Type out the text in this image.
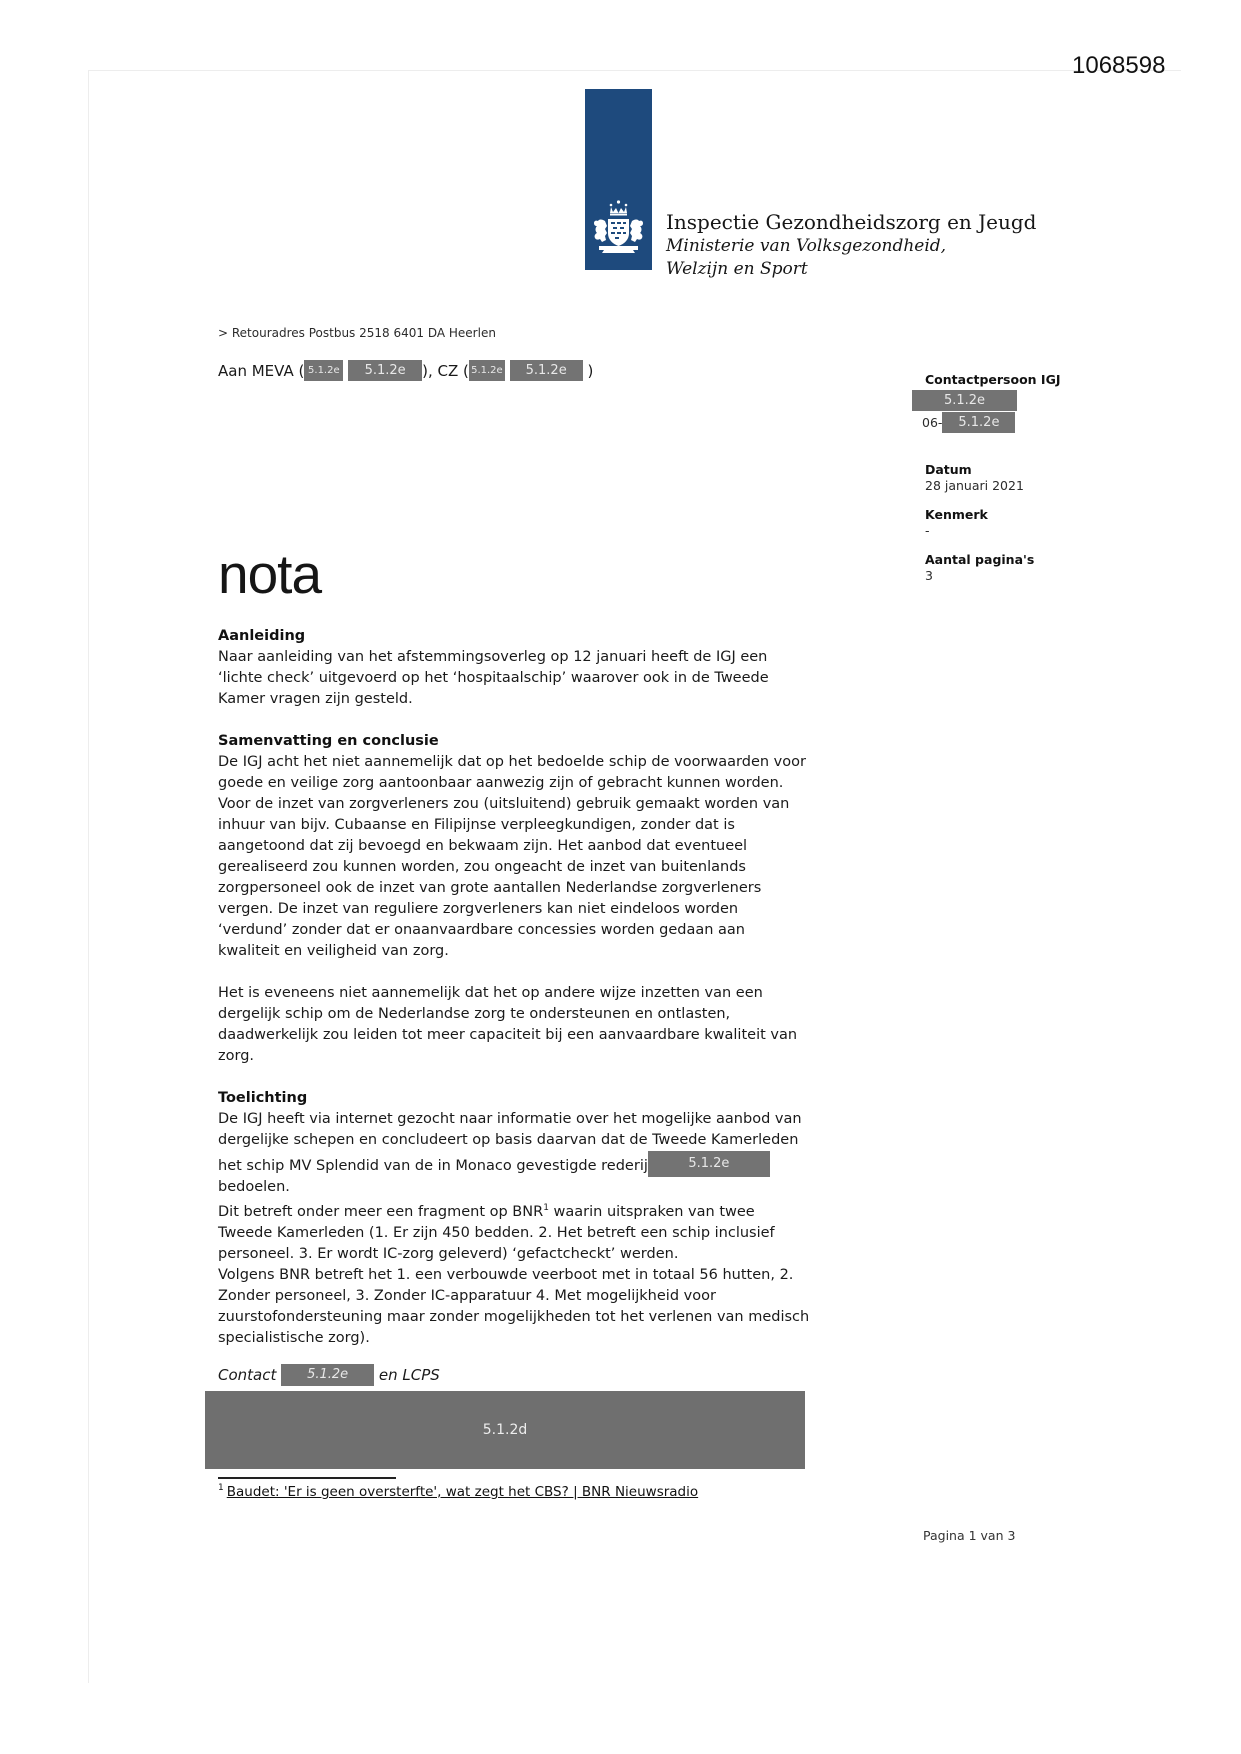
1068598
Inspectie Gezondheidszorg en Jeugd
Ministerie van Volksgezondheid,
Welzijn en Sport
> Retouradres Postbus 2518 6401 DA Heerlen
Aan MEVA ( 5.1.2e 5.1.2e ), CZ ( 5.1.2e 5.1.2e )	Contactpersoon IGJ
5.1.2e
06- 5.1.2e
Datum
28 januari 2021
Kenmerk
-
Aantal pagina's
3
nota
Aanleiding

Naar aanleiding van het afstemmingsoverleg op 12 januari heeft de IGJ een ‘lichte check’ uitgevoerd op het ‘hospitaalschip’ waarover ook in de Tweede Kamer vragen zijn gesteld.

Samenvatting en conclusie

De IGJ acht het niet aannemelijk dat op het bedoelde schip de voorwaarden voor goede en veilige zorg aantoonbaar aanwezig zijn of gebracht kunnen worden. Voor de inzet van zorgverleners zou (uitsluitend) gebruik gemaakt worden van inhuur van bijv. Cubaanse en Filipijnse verpleegkundigen, zonder dat is aangetoond dat zij bevoegd en bekwaam zijn. Het aanbod dat eventueel gerealiseerd zou kunnen worden, zou ongeacht de inzet van buitenlands zorgpersoneel ook de inzet van grote aantallen Nederlandse zorgverleners vergen. De inzet van reguliere zorgverleners kan niet eindeloos worden ‘verdund’ zonder dat er onaanvaardbare concessies worden gedaan aan kwaliteit en veiligheid van zorg.

Het is eveneens niet aannemelijk dat het op andere wijze inzetten van een dergelijk schip om de Nederlandse zorg te ondersteunen en ontlasten, daadwerkelijk zou leiden tot meer capaciteit bij een aanvaardbare kwaliteit van zorg.

Toelichting

De IGJ heeft via internet gezocht naar informatie over het mogelijke aanbod van dergelijke schepen en concludeert op basis daarvan dat de Tweede Kamerleden het schip MV Splendid van de in Monaco gevestigde rederij	5.1.2e bedoelen.

Dit betreft onder meer een fragment op BNR$^1$ waarin uitspraken van twee Tweede Kamerleden (1. Er zijn 450 bedden. 2. Het betreft een schip inclusief personeel. 3. Er wordt IC-zorg geleverd) ‘gefactcheckt’ werden.

Volgens BNR betreft het 1. een verbouwde veerboot met in totaal 56 hutten, 2. Zonder personeel, 3. Zonder IC-apparatuur 4. Met mogelijkheid voor zuurstofondersteuning maar zonder mogelijkheden tot het verlenen van medisch specialistische zorg).

Contact 5.1.2e en LCPS
5.1.2d
$^1$ Baudet: 'Er is geen oversterfte', wat zegt het CBS? | BNR Nieuwsradio
Pagina 1 van 3
